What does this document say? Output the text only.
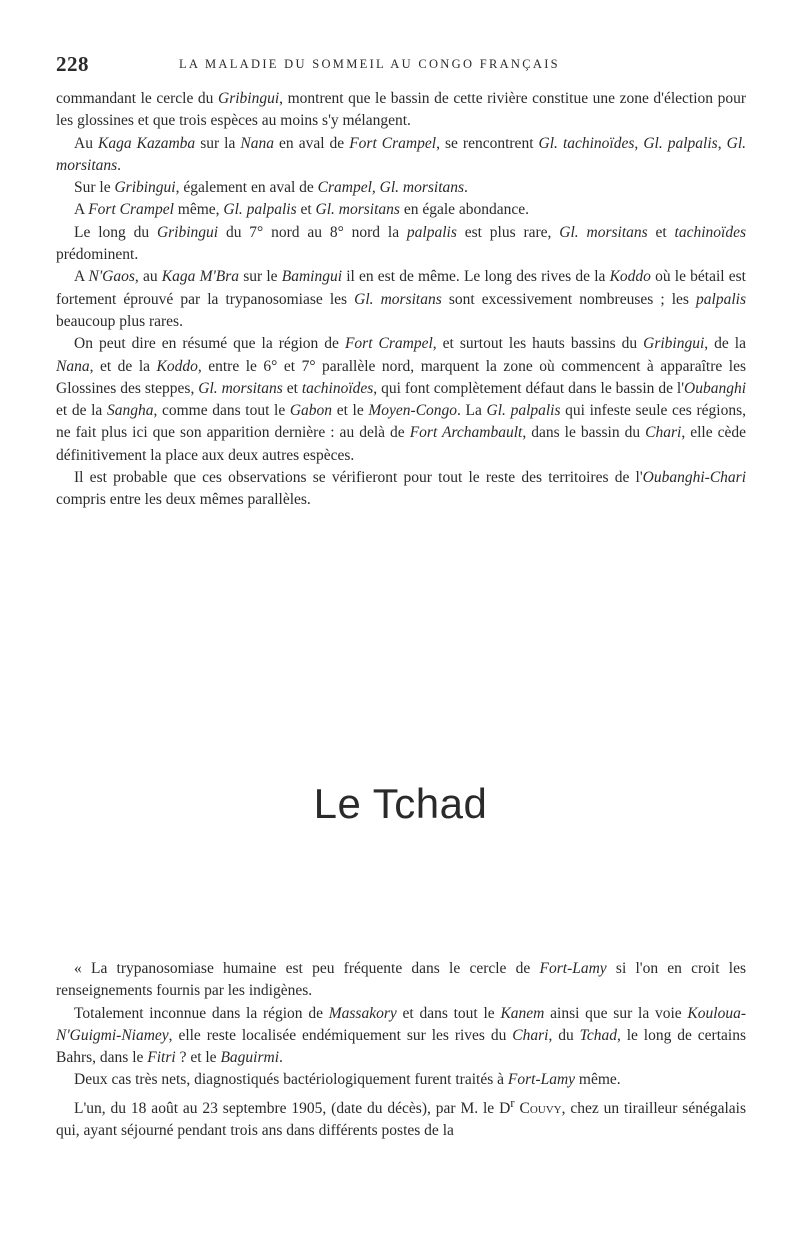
228	LA MALADIE DU SOMMEIL AU CONGO FRANÇAIS

commandant le cercle du Gribingui, montrent que le bassin de cette rivière constitue une zone d'élection pour les glossines et que trois espèces au moins s'y mélangent.

Au Kaga Kazamba sur la Nana en aval de Fort Crampel, se rencontrent Gl. tachinoïdes, Gl. palpalis, Gl. morsitans.

Sur le Gribingui, également en aval de Crampel, Gl. morsitans.

A Fort Crampel même, Gl. palpalis et Gl. morsitans en égale abondance.

Le long du Gribingui du 7° nord au 8° nord la palpalis est plus rare, Gl. morsitans et tachinoïdes prédominent.

A N'Gaos, au Kaga M'Bra sur le Bamingui il en est de même. Le long des rives de la Koddo où le bétail est fortement éprouvé par la trypanosomiase les Gl. morsitans sont excessivement nombreuses ; les palpalis beaucoup plus rares.

On peut dire en résumé que la région de Fort Crampel, et surtout les hauts bassins du Gribingui, de la Nana, et de la Koddo, entre le 6° et 7° parallèle nord, marquent la zone où commencent à apparaître les Glossines des steppes, Gl. morsitans et tachinoïdes, qui font complètement défaut dans le bassin de l'Oubanghi et de la Sangha, comme dans tout le Gabon et le Moyen-Congo. La Gl. palpalis qui infeste seule ces régions, ne fait plus ici que son apparition dernière : au delà de Fort Archambault, dans le bassin du Chari, elle cède définitivement la place aux deux autres espèces.

Il est probable que ces observations se vérifieront pour tout le reste des territoires de l'Oubanghi-Chari compris entre les deux mêmes parallèles.

Le Tchad

« La trypanosomiase humaine est peu fréquente dans le cercle de Fort-Lamy si l'on en croit les renseignements fournis par les indigènes.

Totalement inconnue dans la région de Massakory et dans tout le Kanem ainsi que sur la voie Kouloua-N'Guigmi-Niamey, elle reste localisée endémiquement sur les rives du Chari, du Tchad, le long de certains Bahrs, dans le Fitri ? et le Baguirmi.

Deux cas très nets, diagnostiqués bactériologiquement furent traités à Fort-Lamy même.

L'un, du 18 août au 23 septembre 1905, (date du décès), par M. le $D^r$ Couvy, chez un tirailleur sénégalais qui, ayant séjourné pendant trois ans dans différents postes de la
